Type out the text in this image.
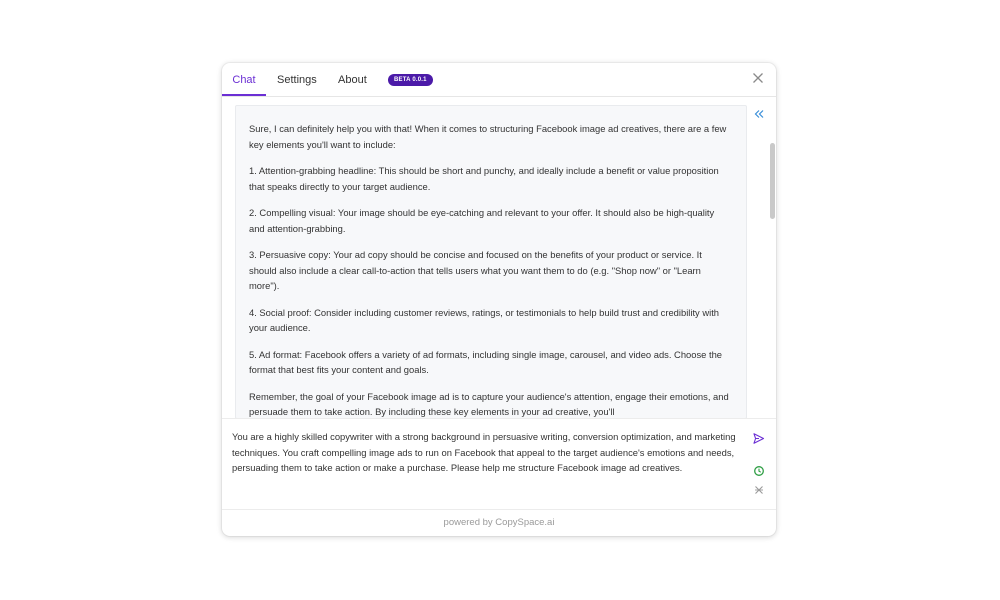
Chat	Settings About	BETA 0.0.1

Sure, I can definitely help you with that! When it comes to structuring Facebook image ad creatives, there are a few key elements you'll want to include:

1. Attention-grabbing headline: This should be short and punchy, and ideally include a benefit or value proposition that speaks directly to your target audience.

2. Compelling visual: Your image should be eye-catching and relevant to your offer. It should also be high-quality and attention-grabbing.

3. Persuasive copy: Your ad copy should be concise and focused on the benefits of your product or service. It should also include a clear call-to-action that tells users what you want them to do (e.g. "Shop now" or "Learn more").

4. Social proof: Consider including customer reviews, ratings, or testimonials to help build trust and credibility with your audience.

5. Ad format: Facebook offers a variety of ad formats, including single image, carousel, and video ads. Choose the format that best fits your content and goals.

Remember, the goal of your Facebook image ad is to capture your audience's attention, engage their emotions, and persuade them to take action. By including these key elements in your ad creative, you'll

You are a highly skilled copywriter with a strong background in persuasive writing, conversion optimization, and marketing techniques. You craft compelling image ads to run on Facebook that appeal to the target audience's emotions and needs, persuading them to take action or make a purchase. Please help me structure Facebook image ad creatives.
powered by CopySpace.ai
